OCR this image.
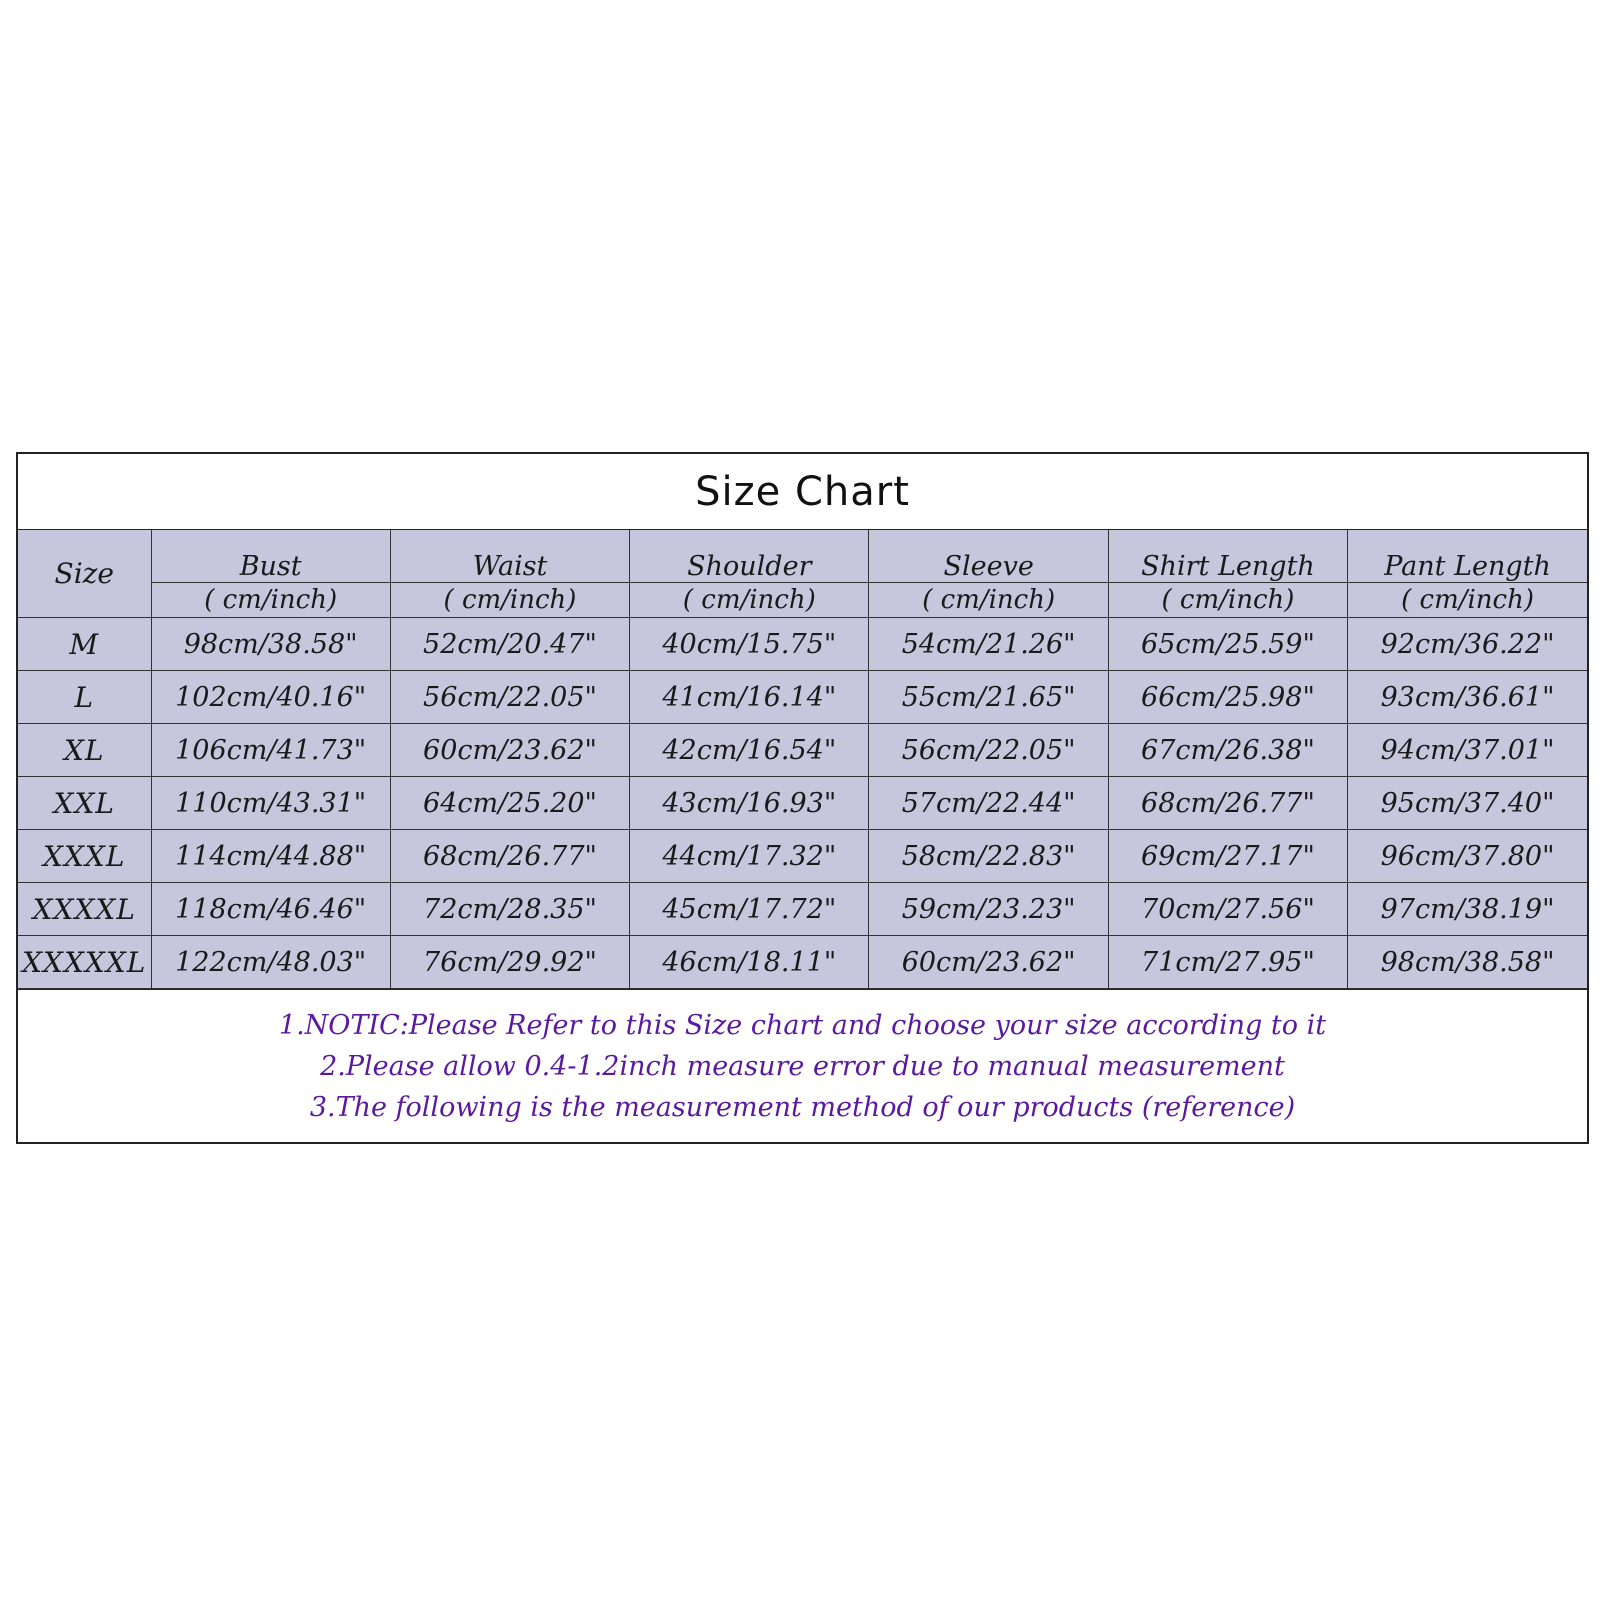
Size Chart
Size	Bust	Waist	Shoulder	Sleeve	Shirt Length	Pant Length
	( cm/inch)	( cm/inch)	( cm/inch)	( cm/inch)	( cm/inch)	( cm/inch)
M	98cm/38.58"	52cm/20.47"	40cm/15.75"	54cm/21.26"	65cm/25.59"	92cm/36.22"
L	102cm/40.16"	56cm/22.05"	41cm/16.14"	55cm/21.65"	66cm/25.98"	93cm/36.61"
XL	106cm/41.73"	60cm/23.62"	42cm/16.54"	56cm/22.05"	67cm/26.38"	94cm/37.01"
XXL	110cm/43.31"	64cm/25.20"	43cm/16.93"	57cm/22.44"	68cm/26.77"	95cm/37.40"
XXXL	114cm/44.88"	68cm/26.77"	44cm/17.32"	58cm/22.83"	69cm/27.17"	96cm/37.80"
XXXXL	118cm/46.46"	72cm/28.35"	45cm/17.72"	59cm/23.23"	70cm/27.56"	97cm/38.19"
XXXXXL	122cm/48.03"	76cm/29.92"	46cm/18.11"	60cm/23.62"	71cm/27.95"	98cm/38.58"
1.NOTIC:Please Refer to this Size chart and choose your size according to it
2.Please allow 0.4-1.2inch measure error due to manual measurement
3.The following is the measurement method of our products (reference)
